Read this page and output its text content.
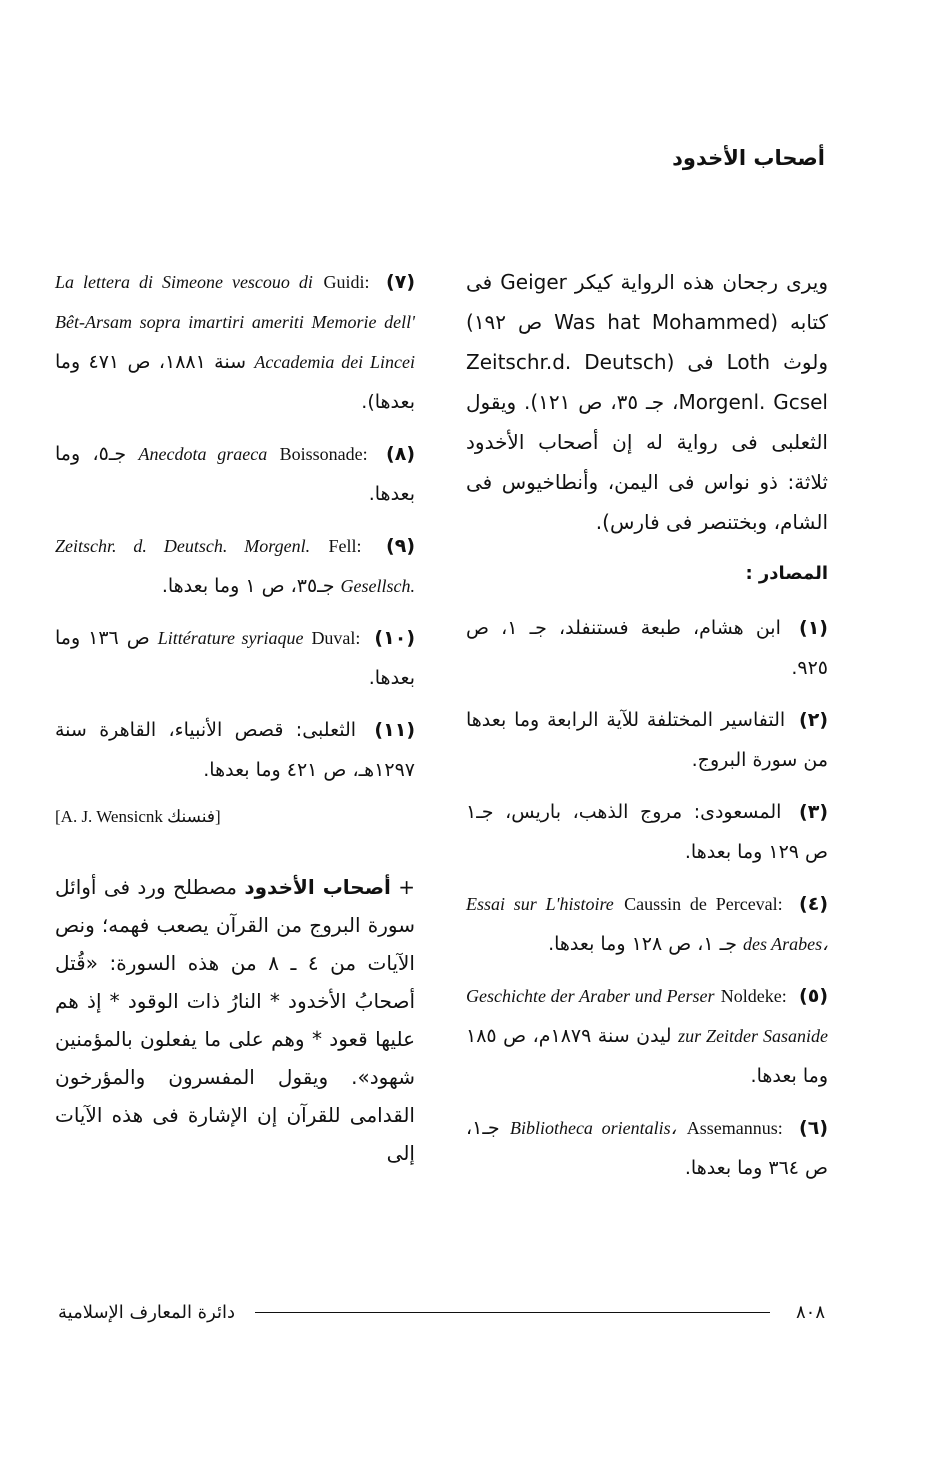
أصحاب الأخدود

ويرى رجحان هذه الرواية كيكر Geiger فى كتابه (Was hat Mohammed ص ١٩٢) ولوث Loth فى (Zeitschr.d. Deutsch Morgenl. Gcsel، جـ ٣٥، ص ١٢١). ويقول الثعلبى فى رواية له إن أصحاب الأخدود ثلاثة: ذو نواس فى اليمن، وأنطاخيوس فى الشام، وبختنصر فى فارس).

المصادر :

(١) ابن هشام، طبعة فستنفلد، جـ ١، ص ٩٢٥.

(٢) التفاسير المختلفة للآية الرابعة وما بعدها من سورة البروج.

(٣) المسعودى: مروج الذهب، باريس، جـ١ ص ١٢٩ وما بعدها.

(٤) Caussin de Perceval: Essai sur L'histoire des Arabes، جـ ١، ص ١٢٨ وما بعدها.

(٥) Noldeke: Geschichte der Araber und Perser zur Zeitder Sasanide ليدن سنة ١٨٧٩م، ص ١٨٥ وما بعدها.

(٦) Assemannus: Bibliotheca orientalis، جـ١، ص ٣٦٤ وما بعدها.

(٧) Guidi: La lettera di Simeone vescouo di Bêt-Arsam sopra imartiri ameriti Memorie dell' Accademia dei Lincei سنة ١٨٨١، ص ٤٧١ وما بعدها).

(٨) Boissonade: Anecdota graeca جـ٥، وما بعدها.

(٩) Fell: Zeitschr. d. Deutsch. Morgenl. Gesellsch. جـ٣٥، ص ١ وما بعدها.

(١٠) Duval: Littérature syriaque ص ١٣٦ وما بعدها.

(١١) الثعلبى: قصص الأنبياء، القاهرة سنة ١٢٩٧هـ، ص ٤٢١ وما بعدها.

[A. J. Wensicnk فنسنك]

+ أصحاب الأخدود مصطلح ورد فى أوائل سورة البروج من القرآن يصعب فهمه؛ ونص الآيات من ٤ ـ ٨ من هذه السورة: «قُتل أصحابُ الأخدود * النارُ ذات الوقود * إذ هم عليها قعود * وهم على ما يفعلون بالمؤمنين شهود». ويقول المفسرون والمؤرخون القدامى للقرآن إن الإشارة فى هذه الآيات إلى

دائرة المعارف الإسلامية	٨٠٨
